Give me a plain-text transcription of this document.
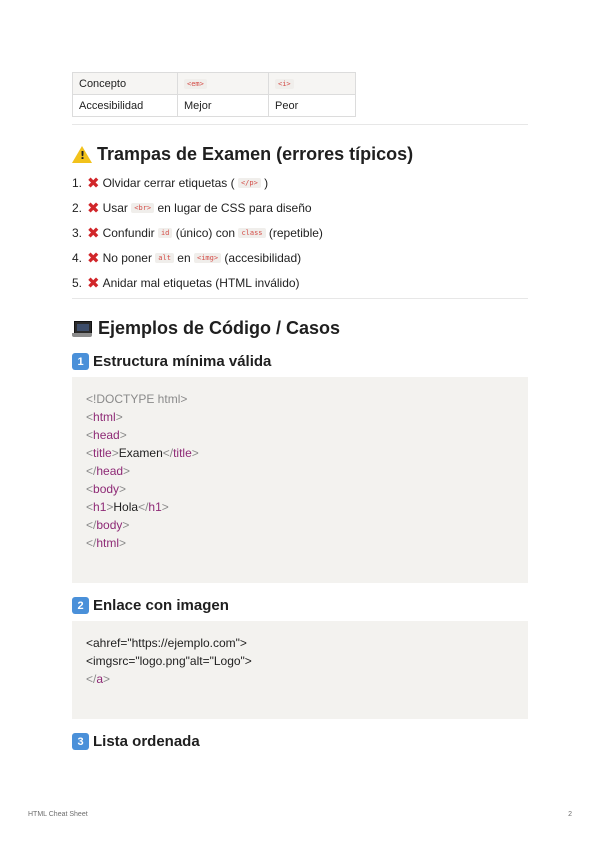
Concepto	<em>	<i>
Accesibilidad	Mejor	Peor
! Trampas de Examen (errores típicos)
1. ✖ Olvidar cerrar etiquetas (
</p>
)
2. ✖ Usar
<br>
en lugar de CSS para diseño
3. ✖ Confundir
id
(único) con
class
(repetible)
4. ✖ No poner
alt
en
<img>
(accesibilidad)
5. ✖ Anidar mal etiquetas (HTML inválido)
Ejemplos de Código / Casos
1 Estructura mínima válida
<!DOCTYPE html>
<html>
<head>
<title>Examen</title>
</head>
<body>
<h1>Hola</h1>
</body>
</html>
2 Enlace con imagen
<ahref="https://ejemplo.com">
<imgsrc="logo.png"alt="Logo">
</a>
3 Lista ordenada
HTML Cheat Sheet	2
